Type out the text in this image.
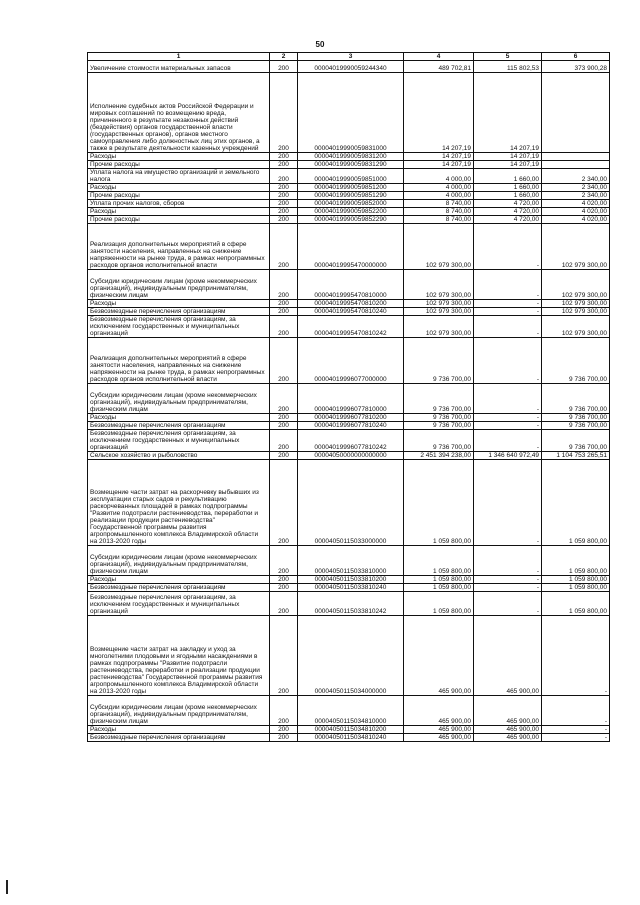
50
1	2	3	4	5	6
Увеличение стоимости материальных запасов	200	00004019990059244340	489 702,81	115 802,53	373 900,28
Исполнение судебных актов Российской Федерации и мировых соглашений по возмещению вреда, причиненного в результате незаконных действий (бездействия) органов государственной власти (государственных органов), органов местного самоуправления либо должностных лиц этих органов, а также в результате деятельности казенных учреждений	200	00004019990059831000	14 207,19	14 207,19	
Расходы	200	00004019990059831200	14 207,19	14 207,19	
Прочие расходы	200	00004019990059831290	14 207,19	14 207,19	
Уплата налога на имущество организаций и земельного налога	200	00004019990059851000	4 000,00	1 660,00	2 340,00
Расходы	200	00004019990059851200	4 000,00	1 660,00	2 340,00
Прочие расходы	200	00004019990059851290	4 000,00	1 660,00	2 340,00
Уплата прочих налогов, сборов	200	00004019990059852000	8 740,00	4 720,00	4 020,00
Расходы	200	00004019990059852200	8 740,00	4 720,00	4 020,00
Прочие расходы	200	00004019990059852290	8 740,00	4 720,00	4 020,00
Реализация дополнительных мероприятий в сфере занятости населения, направленных на снижение напряженности на рынке труда, в рамках непрограммных расходов органов исполнительной власти	200	00004019995470000000	102 979 300,00	-	102 979 300,00
Субсидии юридическим лицам (кроме некоммерческих организаций), индивидуальным предпринимателям, физическим лицам	200	00004019995470810000	102 979 300,00	-	102 979 300,00
Расходы	200	00004019995470810200	102 979 300,00	-	102 979 300,00
Безвозмездные перечисления организациям	200	00004019995470810240	102 979 300,00	-	102 979 300,00
Безвозмездные перечисления организациям, за исключением государственных и муниципальных организаций	200	00004019995470810242	102 979 300,00	-	102 979 300,00
Реализация дополнительных мероприятий в сфере занятости населения, направленных на снижение напряженности на рынке труда, в рамках непрограммных расходов органов исполнительной власти	200	00004019996077000000	9 736 700,00	-	9 736 700,00
Субсидии юридическим лицам (кроме некоммерческих организаций), индивидуальным предпринимателям, физическим лицам	200	00004019996077810000	9 736 700,00	-	9 736 700,00
Расходы	200	00004019996077810200	9 736 700,00	-	9 736 700,00
Безвозмездные перечисления организациям	200	00004019996077810240	9 736 700,00	-	9 736 700,00
Безвозмездные перечисления организациям, за исключением государственных и муниципальных организаций	200	00004019996077810242	9 736 700,00	-	9 736 700,00
Сельское хозяйство и рыболовство	200	00004050000000000000	2 451 394 238,00	1 346 640 972,49	1 104 753 265,51
Возмещение части затрат на раскорчевку выбывших из эксплуатации старых садов и рекультивацию раскорчеванных площадей в рамках подпрограммы "Развитие подотрасли растениеводства, переработки и реализации продукции растениеводства" Государственной программы развития агропромышленного комплекса Владимирской области на 2013-2020 годы	200	00004050115033000000	1 059 800,00	-	1 059 800,00
Субсидии юридическим лицам (кроме некоммерческих организаций), индивидуальным предпринимателям, физическим лицам	200	00004050115033810000	1 059 800,00	-	1 059 800,00
Расходы	200	00004050115033810200	1 059 800,00	-	1 059 800,00
Безвозмездные перечисления организациям	200	00004050115033810240	1 059 800,00	-	1 059 800,00
Безвозмездные перечисления организациям, за исключением государственных и муниципальных организаций	200	00004050115033810242	1 059 800,00	-	1 059 800,00
Возмещение части затрат на закладку и уход за многолетними плодовыми и ягодными насаждениями в рамках подпрограммы "Развитие подотрасли растениеводства, переработки и реализации продукции растениеводства" Государственной программы развития агропромышленного комплекса Владимирской области на 2013-2020 годы	200	00004050115034000000	465 900,00	465 900,00	-
Субсидии юридическим лицам (кроме некоммерческих организаций), индивидуальным предпринимателям, физическим лицам	200	00004050115034810000	465 900,00	465 900,00	-
Расходы	200	00004050115034810200	465 900,00	465 900,00	-
Безвозмездные перечисления организациям	200	00004050115034810240	465 900,00	465 900,00	-
